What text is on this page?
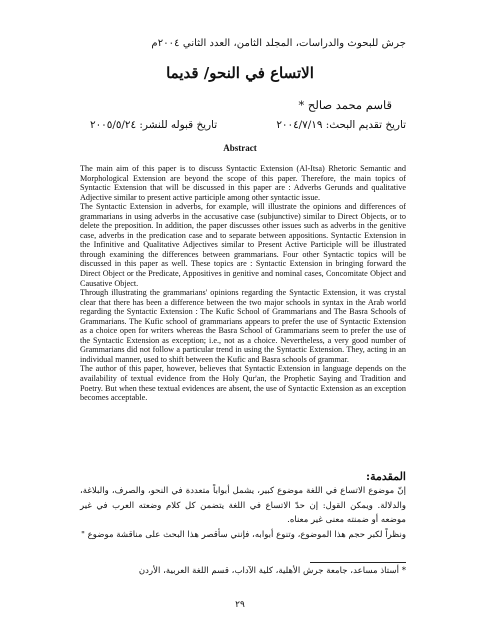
جرش للبحوث والدراسات، المجلد الثامن، العدد الثاني ٢٠٠٤م
الاتساع في النحو/ قديما
قاسم محمد صالح *
تاريخ تقديم البحث: ٢٠٠٤/٧/١٩
تاريخ قبوله للنشر: ٢٠٠٥/٥/٢٤
Abstract

The main aim of this paper is to discuss Syntactic Extension (Al-Itsa) Rhetoric Semantic and Morphological Extension are beyond the scope of this paper. Therefore, the main topics of Syntactic Extension that will be discussed in this paper are : Adverbs Gerunds and qualitative Adjective similar to present active participle among other syntactic issue.

The Syntactic Extension in adverbs, for example, will illustrate the opinions and differences of grammarians in using adverbs in the accusative case (subjunctive) similar to Direct Objects, or to delete the preposition. In addition, the paper discusses other issues such as adverbs in the genitive case, adverbs in the predication case and to separate between appositions. Syntactic Extension in the Infinitive and Qualitative Adjectives similar to Present Active Participle will be illustrated through examining the differences between grammarians. Four other Syntactic topics will be discussed in this paper as well. These topics are : Syntactic Extension in bringing forward the Direct Object or the Predicate, Appositives in genitive and nominal cases, Concomitate Object and Causative Object.

Through illustrating the grammarians' opinions regarding the Syntactic Extension, it was crystal clear that there has been a difference between the two major schools in syntax in the Arab world regarding the Syntactic Extension : The Kufic School of Grammarians and The Basra Schools of Grammarians. The Kufic school of grammarians appears to prefer the use of Syntactic Extension as a choice open for writers whereas the Basra School of Grammarians seem to prefer the use of the Syntactic Extension as exception; i.e., not as a choice. Nevertheless, a very good number of Grammarians did not follow a particular trend in using the Syntactic Extension. They, acting in an individual manner, used to shift between the Kufic and Basra schools of grammar.

The author of this paper, however, believes that Syntactic Extension in language depends on the availability of textual evidence from the Holy Qur'an, the Prophetic Saying and Tradition and Poetry. But when these textual evidences are absent, the use of Syntactic Extension as an exception becomes acceptable.

المقدمة:

إنّ موضوع الاتساع في اللغة موضوع كبير، يشمل أبواباً متعددة في النحو، والصرف، والبلاغة، والدلالة. ويمكن القول: إن حدّ الاتساع في اللغة يتضمن كل كلام وضعته العرب في غير موضعه أو ضمنته معنى غير معناه.

ونظراً لكبر حجم هذا الموضوع، وتنوع أبوابه، فإنني سأقصر هذا البحث على مناقشة موضوع "

* أستاذ مساعد، جامعة جرش الأهلية، كلية الآداب، قسم اللغة العربية، الأردن
٢٩
